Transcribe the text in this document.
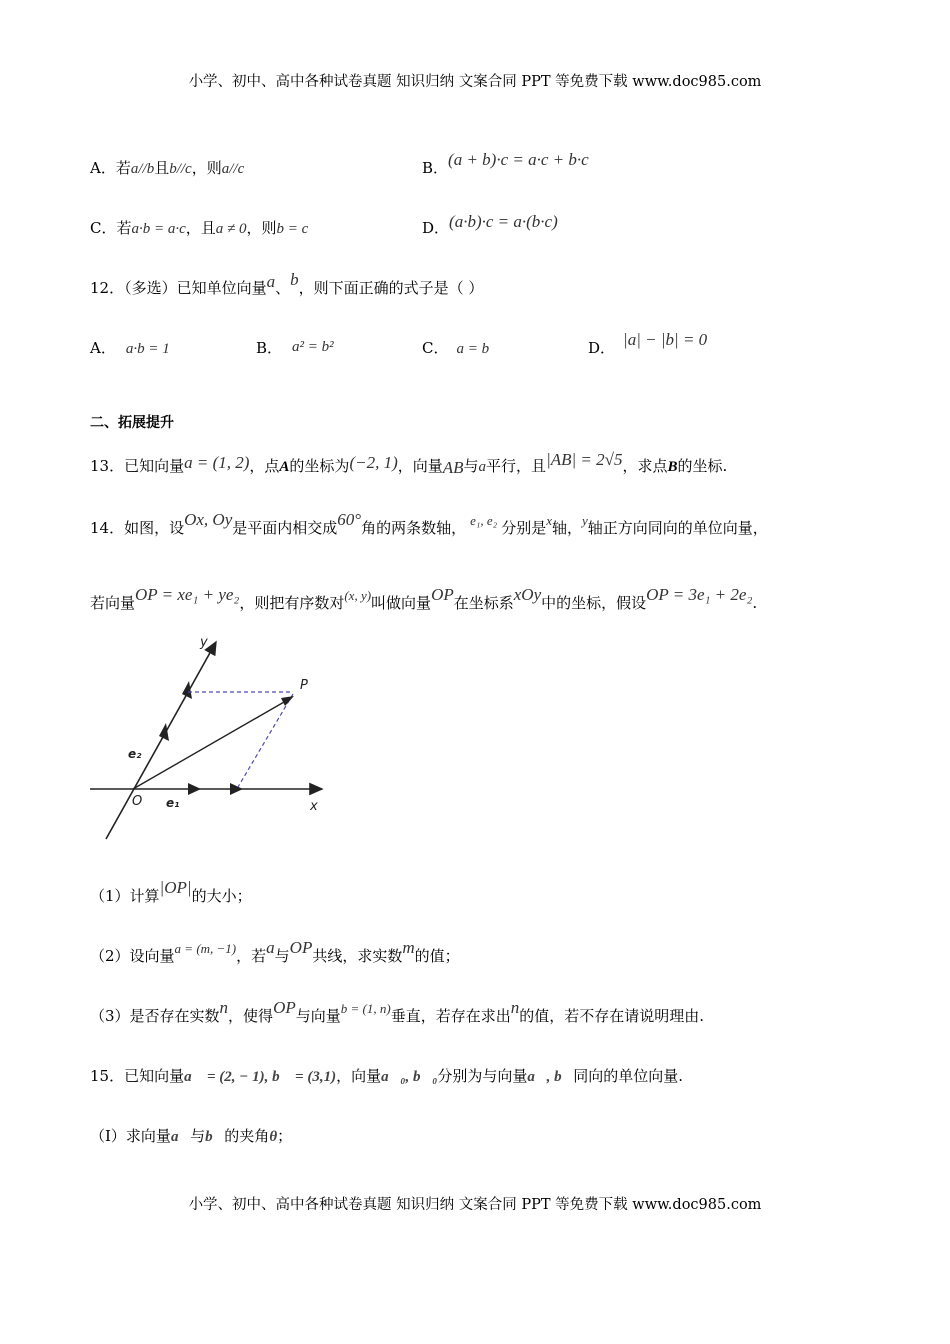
小学、初中、高中各种试卷真题 知识归纳 文案合同 PPT 等免费下载 www.doc985.com
A．若a//b且b//c，则a//c	B．(a + b)·c = a·c + b·c
C．若a·b = a·c，且a ≠ 0，则b = c	D．(a·b)·c = a·(b·c)
12．（多选）已知单位向量a、b，则下面正确的式子是（ ）
A． a·b = 1	B． a² = b²	C． a = b	D． |a| − |b| = 0
二、拓展提升
13．已知向量a = (1, 2)，点A的坐标为(−2, 1)，向量AB与a平行，且|AB| = 2√5，求点B的坐标.
14．如图，设Ox, Oy是平面内相交成60°角的两条数轴， e₁, e₂ 分别是x轴，y轴正方向同向的单位向量，
若向量OP = xe₁ + ye₂，则把有序数对(x, y)叫做向量OP在坐标系xOy中的坐标，假设OP = 3e₁ + 2e₂.
y
P
e₂
O e₁	x
（1）计算|OP|的大小；
（2）设向量a = (m, −1)，若a与OP共线，求实数m的值；
（3）是否存在实数n，使得OP与向量b = (1, n)垂直，若存在求出n的值，若不存在请说明理由.
15．已知向量a⃗ = (2, − 1), b⃗ = (3,1)，向量a⃗₀, b⃗₀分别为与向量a⃗, b⃗同向的单位向量.
（Ⅰ）求向量a⃗与b⃗的夹角θ；
小学、初中、高中各种试卷真题 知识归纳 文案合同 PPT 等免费下载 www.doc985.com
